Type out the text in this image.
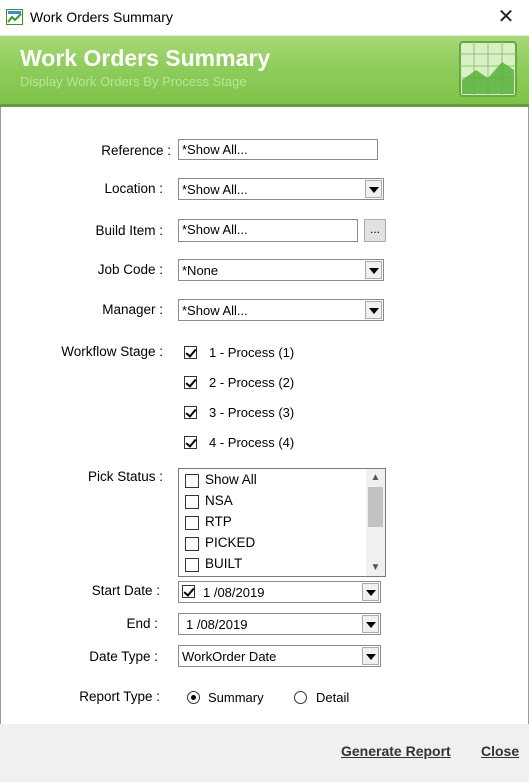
Work Orders Summary	✕
Work Orders Summary
Display Work Orders By Process Stage
Reference : *Show All...
Location : *Show All...
Build Item :	*Show All...	...
Job Code : *None
Manager : *Show All...
Workflow Stage :	1 - Process (1)
2 - Process (2)
3 - Process (3)
4 - Process (4)
Pick Status :	Show All
NSA
RTP
PICKED
BUILT
▲
▼
Start Date :	1 /08/2019
End : 1 /08/2019
Date Type : WorkOrder Date
Report Type :	Summary	Detail
Generate Report Close
